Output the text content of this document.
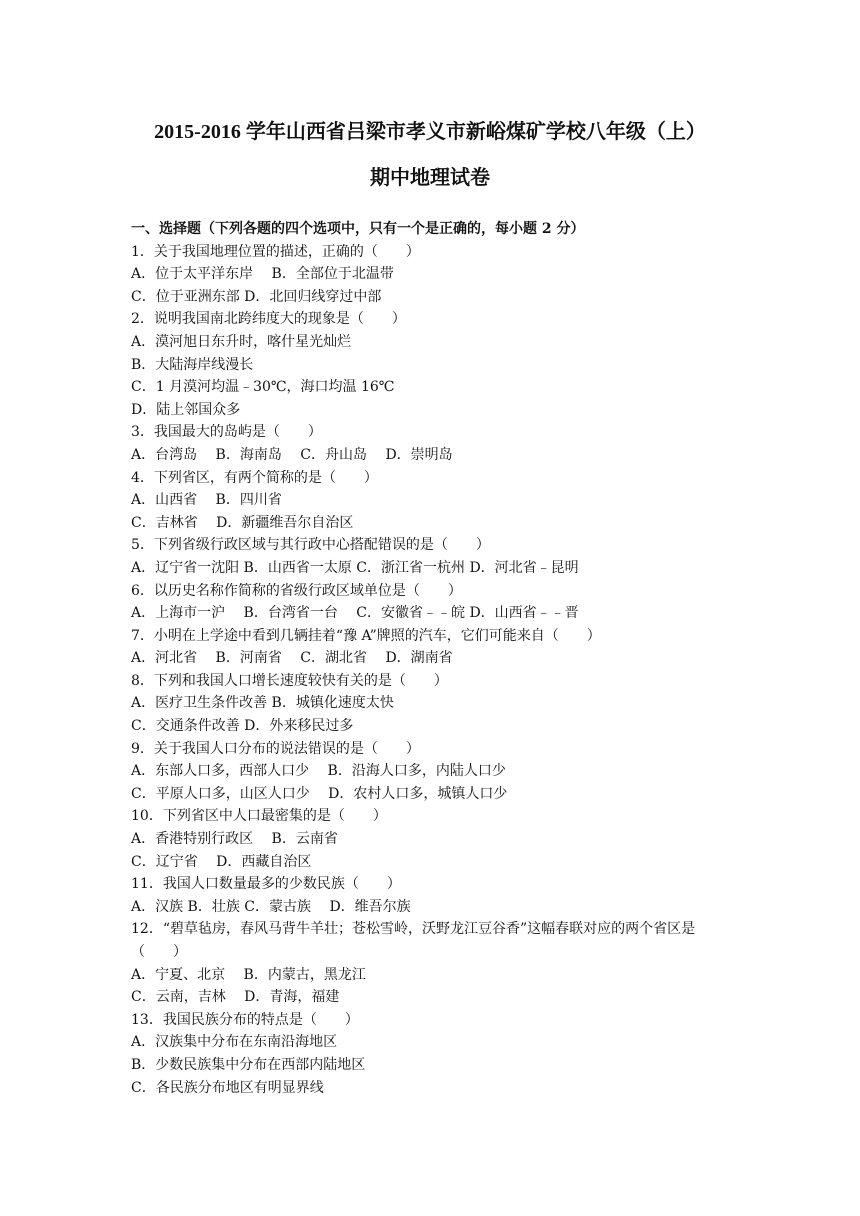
2015-2016 学年山西省吕梁市孝义市新峪煤矿学校八年级（上）
期中地理试卷
一、选择题（下列各题的四个选项中，只有一个是正确的，每小题 2 分）
1．关于我国地理位置的描述，正确的（　　）
A．位于太平洋东岸　 B．全部位于北温带
C．位于亚洲东部 D．北回归线穿过中部
2．说明我国南北跨纬度大的现象是（　　）
A．漠河旭日东升时，喀什星光灿烂
B．大陆海岸线漫长
C．1 月漠河均温﹣30℃，海口均温 16℃
D．陆上邻国众多
3．我国最大的岛屿是（　　）
A．台湾岛　 B．海南岛　 C．舟山岛　 D．崇明岛
4．下列省区，有两个简称的是（　　）
A．山西省　 B．四川省
C．吉林省　 D．新疆维吾尔自治区
5．下列省级行政区域与其行政中心搭配错误的是（　　）
A．辽宁省一沈阳 B．山西省一太原 C．浙江省一杭州 D．河北省﹣昆明
6．以历史名称作简称的省级行政区域单位是（　　）
A．上海市一沪　 B．台湾省一台　 C．安徽省﹣﹣皖 D．山西省﹣﹣晋
7．小明在上学途中看到几辆挂着“豫 A”牌照的汽车，它们可能来自（　　）
A．河北省　 B．河南省　 C．湖北省　 D．湖南省
8．下列和我国人口增长速度较快有关的是（　　）
A．医疗卫生条件改善 B．城镇化速度太快
C．交通条件改善 D．外来移民过多
9．关于我国人口分布的说法错误的是（　　）
A．东部人口多，西部人口少　 B．沿海人口多，内陆人口少
C．平原人口多，山区人口少　 D．农村人口多，城镇人口少
10．下列省区中人口最密集的是（　　）
A．香港特别行政区　 B．云南省
C．辽宁省　 D．西藏自治区
11．我国人口数量最多的少数民族（　　）
A．汉族 B．壮族 C．蒙古族　 D．维吾尔族
12．“碧草毡房，春风马背牛羊壮；苍松雪岭，沃野龙江豆谷香”这幅春联对应的两个省区是
（　　）
A．宁夏、北京　 B．内蒙古，黑龙江
C．云南，吉林　 D．青海，福建
13．我国民族分布的特点是（　　）
A．汉族集中分布在东南沿海地区
B．少数民族集中分布在西部内陆地区
C．各民族分布地区有明显界线
